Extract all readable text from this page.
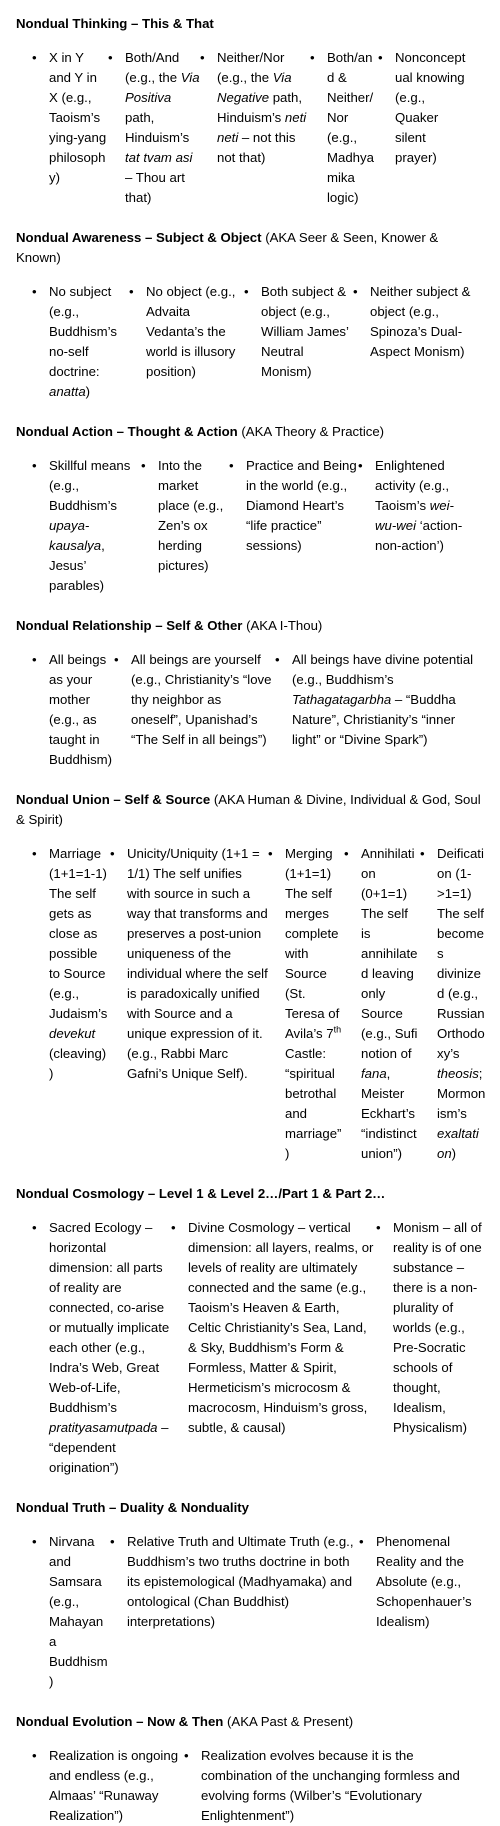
Nondual Thinking – This & That

• X in Y and Y in X (e.g., Taoism’s ying-yang philosophy)
• Both/And (e.g., the Via Positiva path, Hinduism’s tat tvam asi – Thou art that)
• Neither/Nor (e.g., the Via Negative path, Hinduism’s neti neti – not this not that)
• Both/and & Neither/Nor (e.g., Madhyamika logic)
• Nonconceptual knowing (e.g., Quaker silent prayer)

Nondual Awareness – Subject & Object (AKA Seer & Seen, Knower & Known)

• No subject (e.g., Buddhism’s no-self doctrine: anatta)
• No object (e.g., Advaita Vedanta’s the world is illusory position)
• Both subject & object (e.g., William James’ Neutral Monism)
• Neither subject & object (e.g., Spinoza’s Dual-Aspect Monism)

Nondual Action – Thought & Action (AKA Theory & Practice)

• Skillful means (e.g., Buddhism’s upaya-kausalya, Jesus’ parables)
• Into the market place (e.g., Zen’s ox herding pictures)
• Practice and Being in the world (e.g., Diamond Heart’s “life practice” sessions)
• Enlightened activity (e.g., Taoism’s wei-wu-wei ‘action-non-action’)

Nondual Relationship – Self & Other (AKA I-Thou)

• All beings as your mother (e.g., as taught in Buddhism)
• All beings are yourself (e.g., Christianity’s “love thy neighbor as oneself”, Upanishad’s “The Self in all beings”)
• All beings have divine potential (e.g., Buddhism’s Tathagatagarbha – “Buddha Nature”, Christianity’s “inner light” or “Divine Spark”)

Nondual Union – Self & Source (AKA Human & Divine, Individual & God, Soul & Spirit)

• Marriage (1+1=1-1) The self gets as close as possible to Source (e.g., Judaism’s devekut (cleaving) )
• Unicity/Uniquity (1+1 = 1/1) The self unifies with source in such a way that transforms and preserves a post-union uniqueness of the individual where the self is paradoxically unified with Source and a unique expression of it. (e.g., Rabbi Marc Gafni’s Unique Self).
• Merging (1+1=1) The self merges complete with Source (St. Teresa of Avila’s 7th Castle: “spiritual betrothal and marriage”)
• Annihilation (0+1=1) The self is annihilated leaving only Source (e.g., Sufi notion of fana, Meister Eckhart’s “indistinct union”)
• Deification (1->1=1) The self becomes divinized (e.g., Russian Orthodoxy’s theosis; Mormonism’s exaltation)

Nondual Cosmology – Level 1 & Level 2…/Part 1 & Part 2…

• Sacred Ecology – horizontal dimension: all parts of reality are connected, co-arise or mutually implicate each other (e.g., Indra’s Web, Great Web-of-Life, Buddhism’s pratityasamutpada – “dependent origination”)
• Divine Cosmology – vertical dimension: all layers, realms, or levels of reality are ultimately connected and the same (e.g., Taoism’s Heaven & Earth, Celtic Christianity’s Sea, Land, & Sky, Buddhism’s Form & Formless, Matter & Spirit, Hermeticism’s microcosm & macrocosm, Hinduism’s gross, subtle, & causal)
• Monism – all of reality is of one substance – there is a non-plurality of worlds (e.g., Pre-Socratic schools of thought, Idealism, Physicalism)

Nondual Truth – Duality & Nonduality

• Nirvana and Samsara (e.g., Mahayana Buddhism)
• Relative Truth and Ultimate Truth (e.g., Buddhism’s two truths doctrine in both its epistemological (Madhyamaka) and ontological (Chan Buddhist) interpretations)
• Phenomenal Reality and the Absolute (e.g., Schopenhauer’s Idealism)

Nondual Evolution – Now & Then (AKA Past & Present)

• Realization is ongoing and endless (e.g., Almaas’ “Runaway Realization”)
• Realization evolves because it is the combination of the unchanging formless and evolving forms (Wilber’s “Evolutionary Enlightenment”)
